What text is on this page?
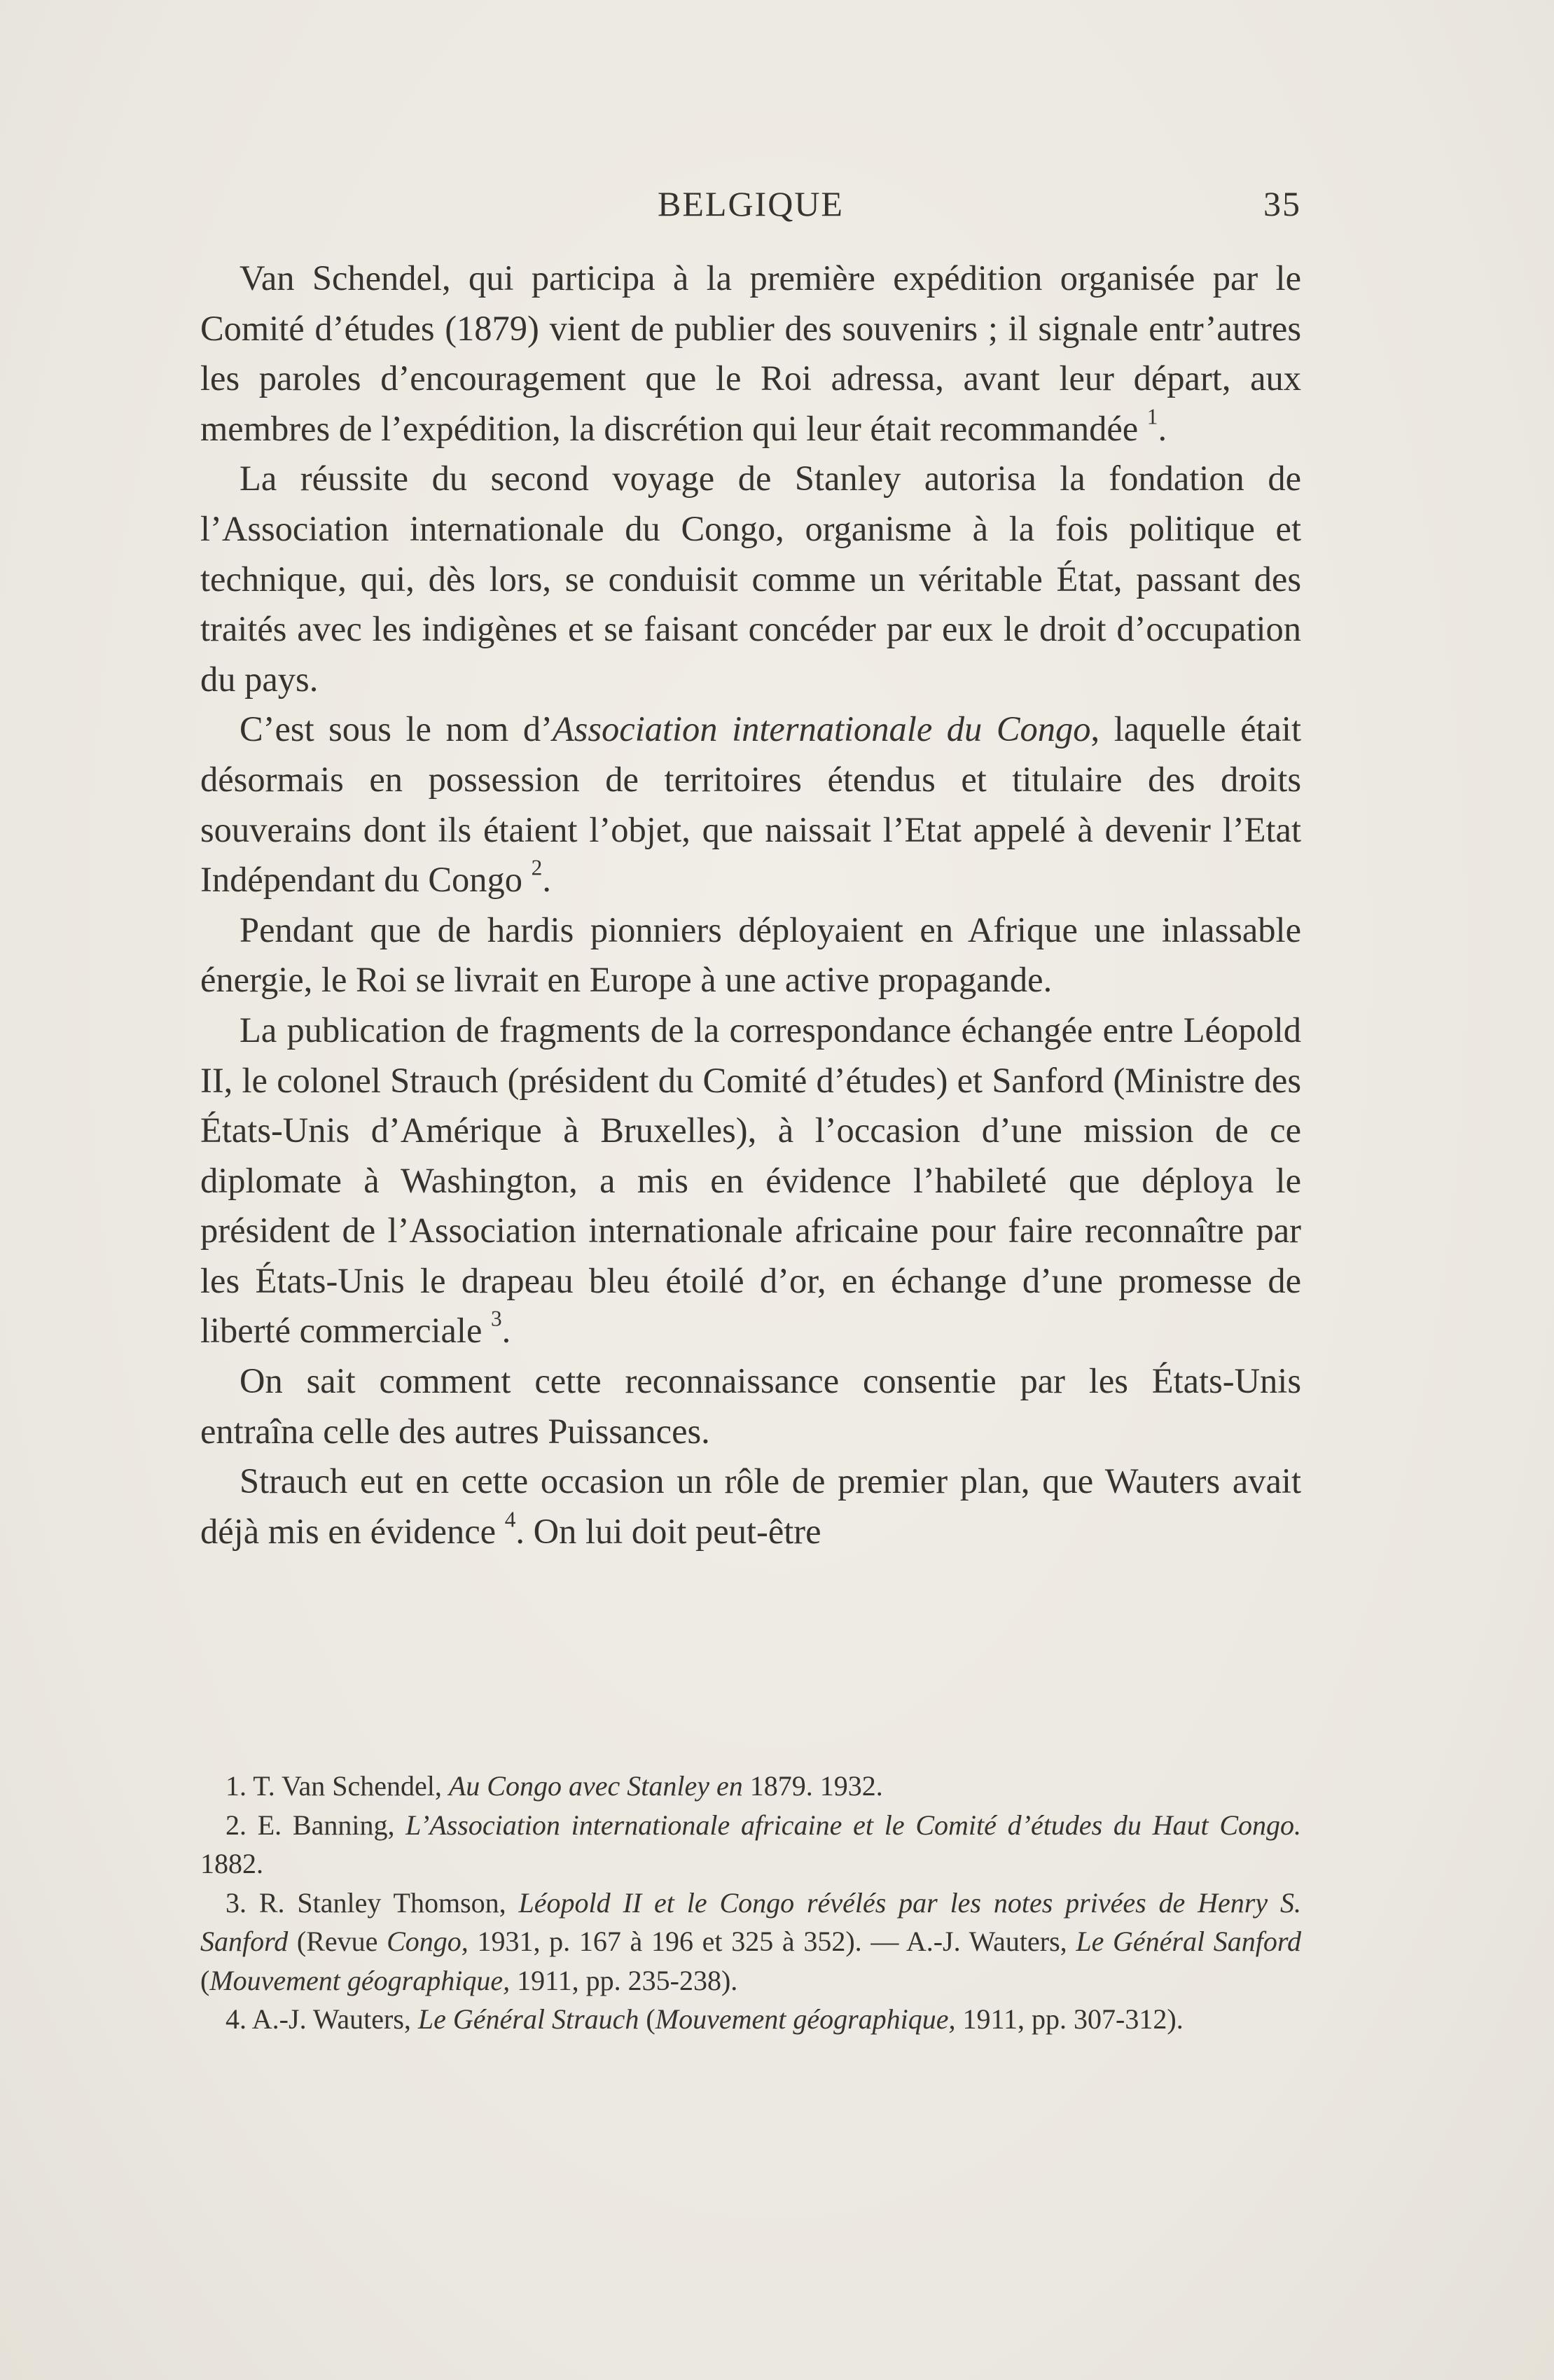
BELGIQUE	35

Van Schendel, qui participa à la première expédition organisée par le Comité d’études (1879) vient de publier des souvenirs ; il signale entr’autres les paroles d’encouragement que le Roi adressa, avant leur départ, aux membres de l’expédition, la discrétion qui leur était recommandée $^1$.

La réussite du second voyage de Stanley autorisa la fondation de l’Association internationale du Congo, organisme à la fois politique et technique, qui, dès lors, se conduisit comme un véritable État, passant des traités avec les indigènes et se faisant concéder par eux le droit d’occupation du pays.

C’est sous le nom d’Association internationale du Congo, laquelle était désormais en possession de territoires étendus et titulaire des droits souverains dont ils étaient l’objet, que naissait l’Etat appelé à devenir l’Etat Indépendant du Congo $^2$.

Pendant que de hardis pionniers déployaient en Afrique une inlassable énergie, le Roi se livrait en Europe à une active propagande.

La publication de fragments de la correspondance échangée entre Léopold II, le colonel Strauch (président du Comité d’études) et Sanford (Ministre des États-Unis d’Amérique à Bruxelles), à l’occasion d’une mission de ce diplomate à Washington, a mis en évidence l’habileté que déploya le président de l’Association internationale africaine pour faire reconnaître par les États-Unis le drapeau bleu étoilé d’or, en échange d’une promesse de liberté commerciale $^3$.

On sait comment cette reconnaissance consentie par les États-Unis entraîna celle des autres Puissances.

Strauch eut en cette occasion un rôle de premier plan, que Wauters avait déjà mis en évidence $^4$. On lui doit peut-être

1. T. Van Schendel, Au Congo avec Stanley en 1879. 1932.

2. E. Banning, L’Association internationale africaine et le Comité d’études du Haut Congo. 1882.

3. R. Stanley Thomson, Léopold II et le Congo révélés par les notes privées de Henry S. Sanford (Revue Congo, 1931, p. 167 à 196 et 325 à 352). — A.-J. Wauters, Le Général Sanford (Mouvement géographique, 1911, pp. 235-238).

4. A.-J. Wauters, Le Général Strauch (Mouvement géographique, 1911, pp. 307-312).
